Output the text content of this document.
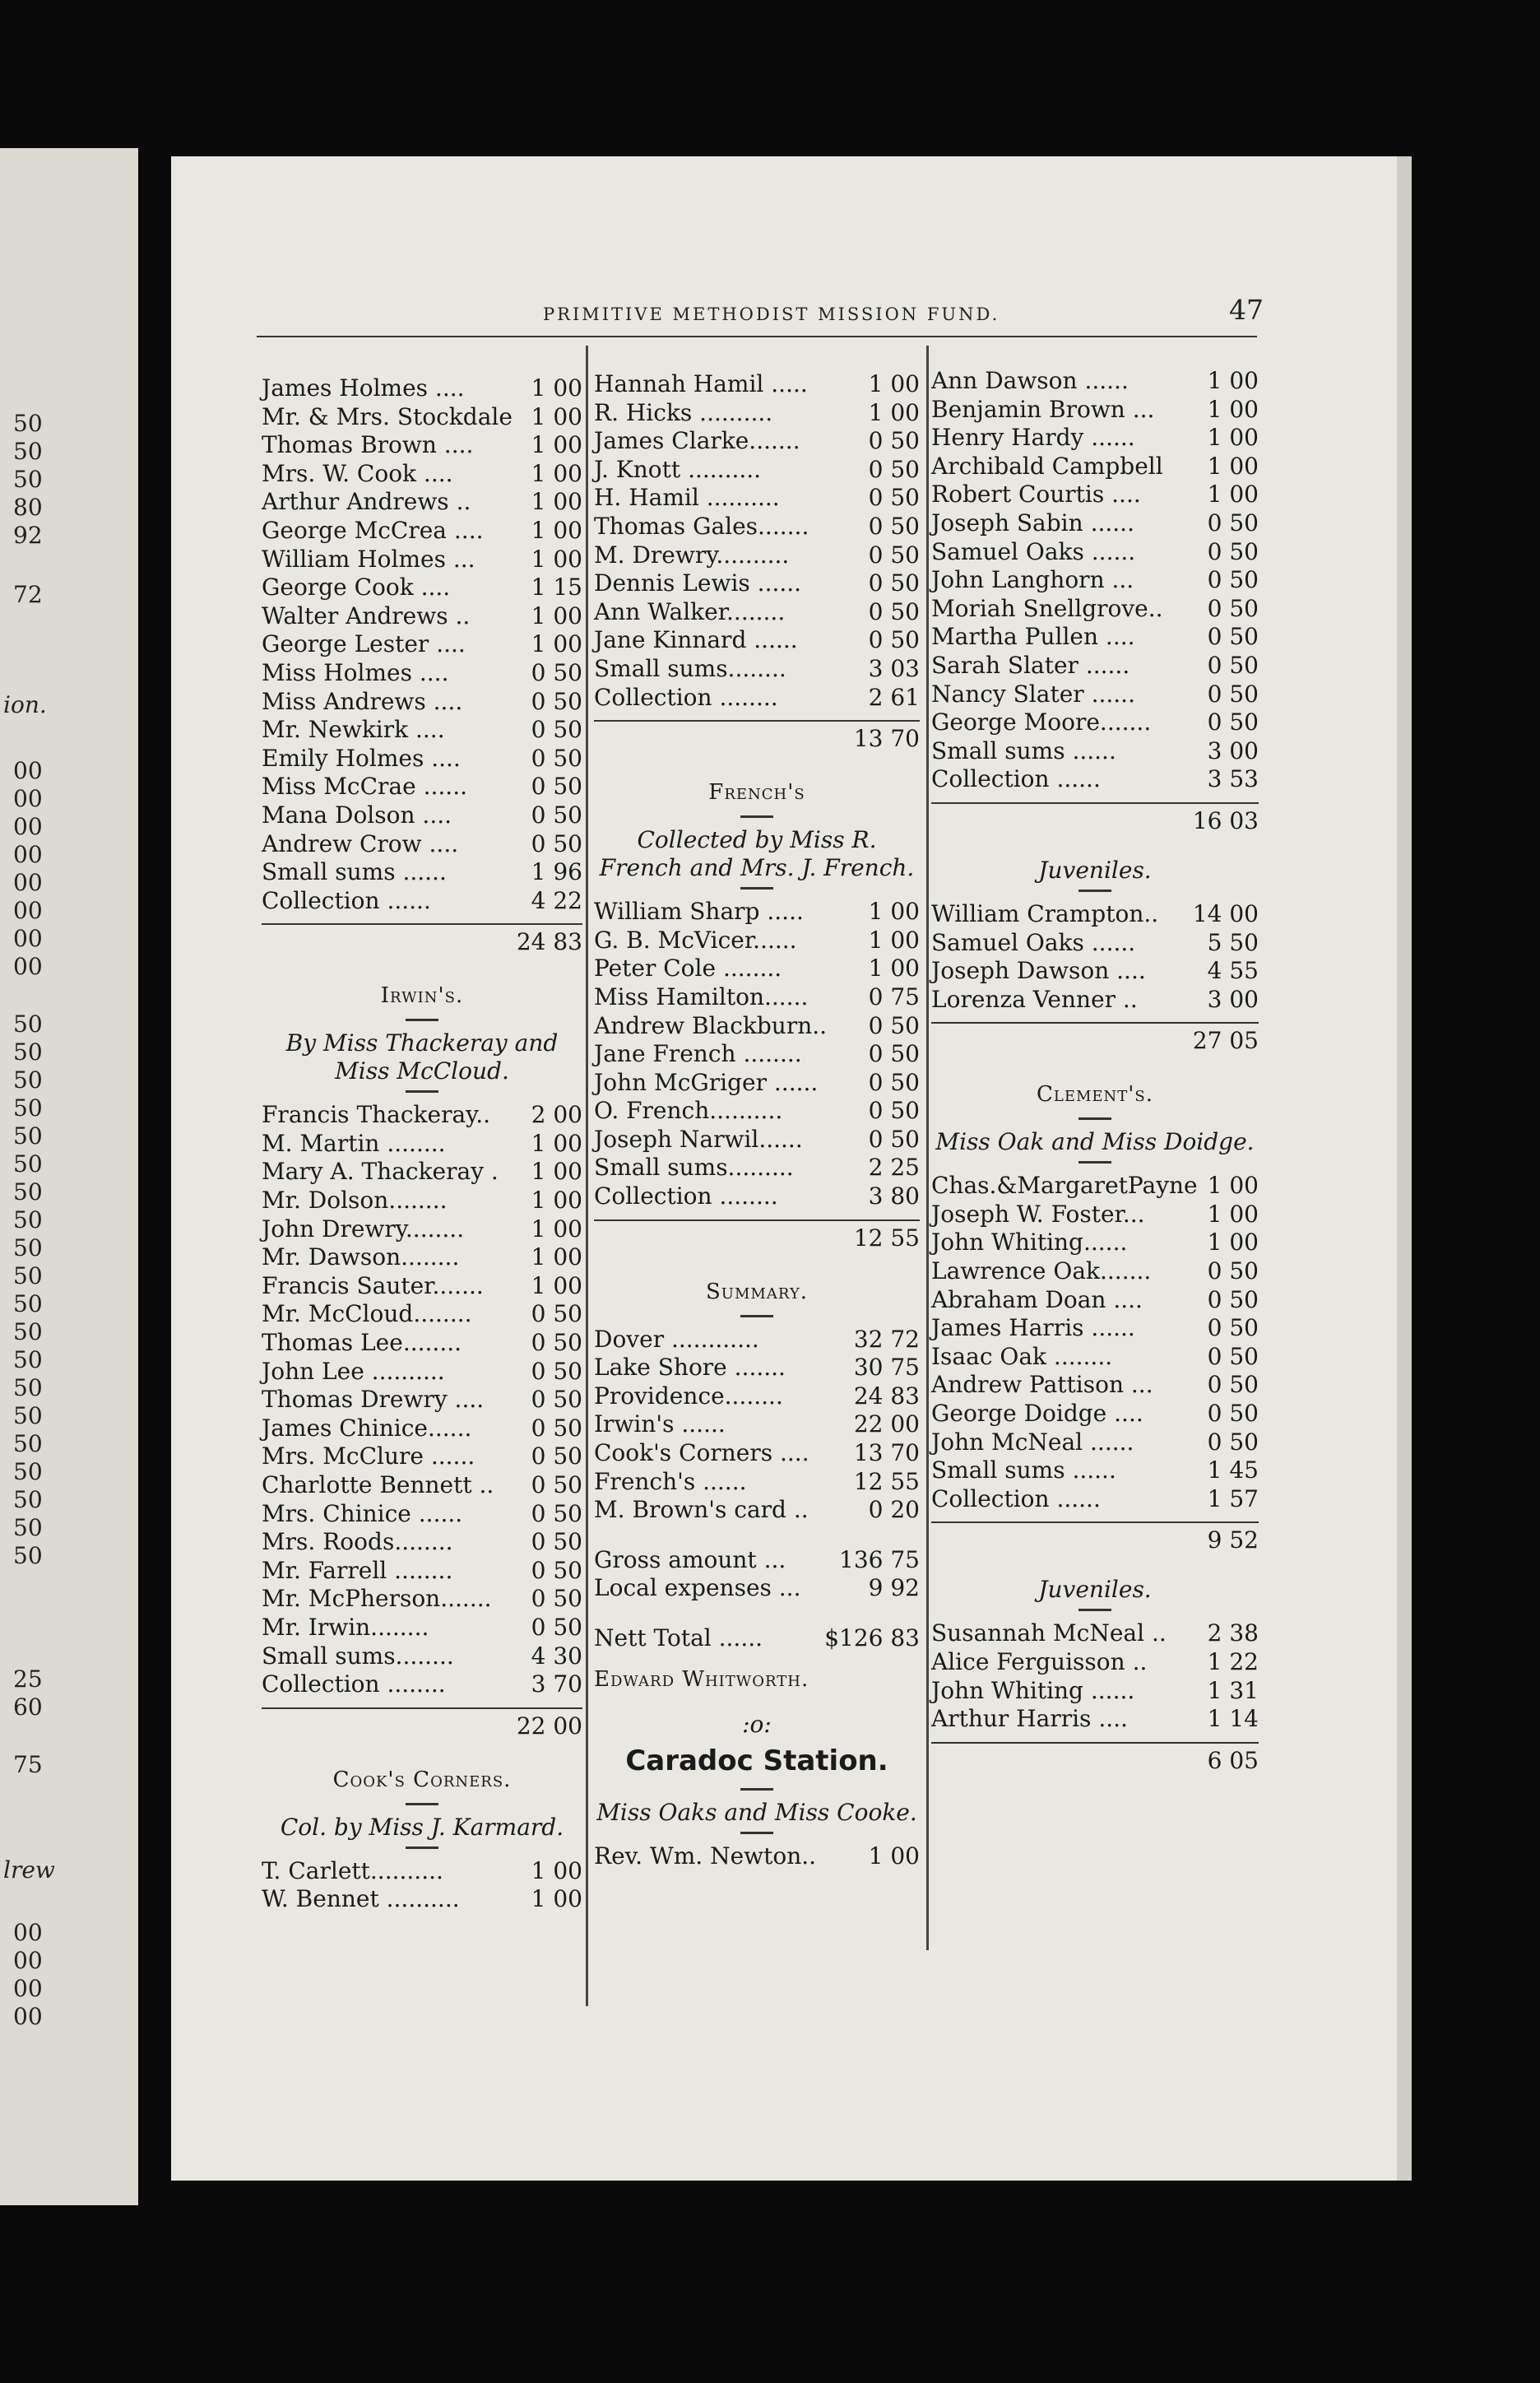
50
50
50
80
92
72
00
00
00
00
00
00
00
00
50
50
50
50
50
50
50
50
50
50
50
50
50
50
50
50
50
50
50
50
25
60
75
00
00
00
00
ion.
lrew
PRIMITIVE METHODIST MISSION FUND.	47
James Holmes ....	1 00
Mr. & Mrs. Stockdale 1 00
Thomas Brown ....	1 00
Mrs. W. Cook ....	1 00
Arthur Andrews ..	1 00
George McCrea .... 1 00
William Holmes ... 1 00
George Cook ....	1 15
Walter Andrews ..	1 00
George Lester ....	1 00
Miss Holmes ....	0 50
Miss Andrews ....	0 50
Mr. Newkirk ....	0 50
Emily Holmes ....	0 50
Miss McCrae ......	0 50
Mana Dolson ....	0 50
Andrew Crow ....	0 50
Small sums ......	1 96
Collection ......	4 22
24 83
Irwin's.
By Miss Thackeray and Miss McCloud.
Francis Thackeray.. 2 00
M. Martin ........	1 00
Mary A. Thackeray . 1 00
Mr. Dolson........	1 00
John Drewry........	1 00
Mr. Dawson........	1 00
Francis Sauter....... 1 00
Mr. McCloud........	0 50
Thomas Lee........	0 50
John Lee ..........	0 50
Thomas Drewry .... 0 50
James Chinice......	0 50
Mrs. McClure ...... 0 50
Charlotte Bennett .. 0 50
Mrs. Chinice ......	0 50
Mrs. Roods........	0 50
Mr. Farrell ........	0 50
Mr. McPherson....... 0 50
Mr. Irwin........	0 50
Small sums........	4 30
Collection ........	3 70
22 00
Cook's Corners.
Col. by Miss J. Karmard.
T. Carlett..........	1 00
W. Bennet ..........	1 00
Hannah Hamil .....	1 00
R. Hicks ..........	1 00
James Clarke.......	0 50
J. Knott ..........	0 50
H. Hamil ..........	0 50
Thomas Gales.......	0 50
M. Drewry..........	0 50
Dennis Lewis ......	0 50
Ann Walker........	0 50
Jane Kinnard ......	0 50
Small sums........	3 03
Collection ........	2 61
13 70
French's
Collected by Miss R. French and Mrs. J. French.
William Sharp .....	1 00
G. B. McVicer......	1 00
Peter Cole ........	1 00
Miss Hamilton......	0 75
Andrew Blackburn.. 0 50
Jane French ........	0 50
John McGriger ...... 0 50
O. French..........	0 50
Joseph Narwil......	0 50
Small sums.........	2 25
Collection ........	3 80
12 55
Summary.
Dover ............	32 72
Lake Shore .......	30 75
Providence........	24 83
Irwin's ......	22 00
Cook's Corners .... 13 70
French's ......	12 55
M. Brown's card ..	0 20
Gross amount ... 136 75
Local expenses ...	9 92
Nett Total ......	$126 83
Edward Whitworth.
:o:
Caradoc Station.
Miss Oaks and Miss Cooke.
Rev. Wm. Newton.. 1 00
Ann Dawson ......	1 00
Benjamin Brown ... 1 00
Henry Hardy ......	1 00
Archibald Campbell 1 00
Robert Courtis ....	1 00
Joseph Sabin ......	0 50
Samuel Oaks ......	0 50
John Langhorn ...	0 50
Moriah Snellgrove.. 0 50
Martha Pullen ....	0 50
Sarah Slater ......	0 50
Nancy Slater ......	0 50
George Moore....... 0 50
Small sums ......	3 00
Collection ......	3 53
16 03
Juveniles.
William Crampton.. 14 00
Samuel Oaks ......	5 50
Joseph Dawson ....	4 55
Lorenza Venner ..	3 00
27 05
Clement's.
Miss Oak and Miss Doidge.
Chas.&MargaretPayne 1 00
Joseph W. Foster...	1 00
John Whiting......	1 00
Lawrence Oak....... 0 50
Abraham Doan ....	0 50
James Harris ......	0 50
Isaac Oak ........	0 50
Andrew Pattison ... 0 50
George Doidge ....	0 50
John McNeal ......	0 50
Small sums ......	1 45
Collection ......	1 57
9 52
Juveniles.
Susannah McNeal .. 2 38
Alice Ferguisson ..	1 22
John Whiting ......	1 31
Arthur Harris ....	1 14
6 05
